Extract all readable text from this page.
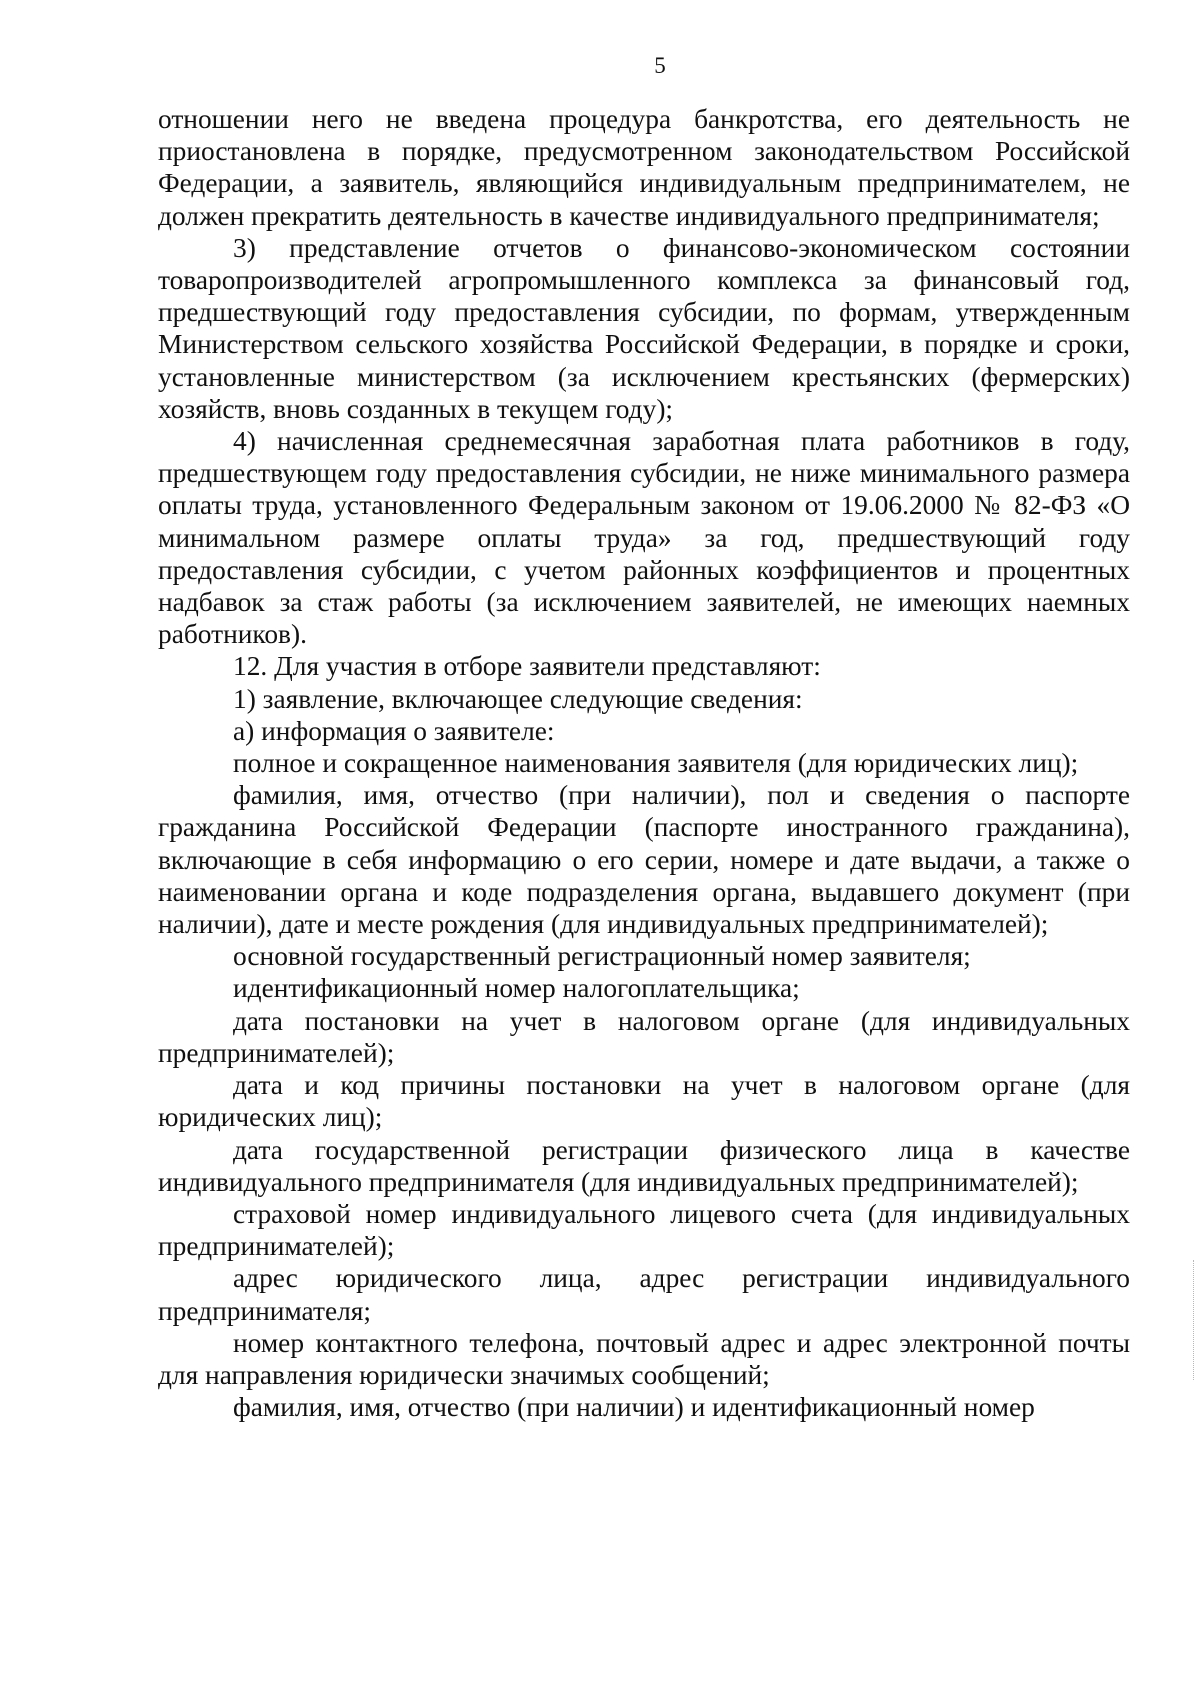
5

отношении него не введена процедура банкротства, его деятельность не приостановлена в порядке, предусмотренном законодательством Российской Федерации, а заявитель, являющийся индивидуальным предпринимателем, не должен прекратить деятельность в качестве индивидуального предпринимателя;

3) представление отчетов о финансово-экономическом состоянии товаропроизводителей агропромышленного комплекса за финансовый год, предшествующий году предоставления субсидии, по формам, утвержденным Министерством сельского хозяйства Российской Федерации, в порядке и сроки, установленные министерством (за исключением крестьянских (фермерских) хозяйств, вновь созданных в текущем году);

4) начисленная среднемесячная заработная плата работников в году, предшествующем году предоставления субсидии, не ниже минимального размера оплаты труда, установленного Федеральным законом от 19.06.2000 № 82-ФЗ «О минимальном размере оплаты труда» за год, предшествующий году предоставления субсидии, с учетом районных коэффициентов и процентных надбавок за стаж работы (за исключением заявителей, не имеющих наемных работников).

12. Для участия в отборе заявители представляют:

1) заявление, включающее следующие сведения:

а) информация о заявителе:

полное и сокращенное наименования заявителя (для юридических лиц);

фамилия, имя, отчество (при наличии), пол и сведения о паспорте гражданина Российской Федерации (паспорте иностранного гражданина), включающие в себя информацию о его серии, номере и дате выдачи, а также о наименовании органа и коде подразделения органа, выдавшего документ (при наличии), дате и месте рождения (для индивидуальных предпринимателей);

основной государственный регистрационный номер заявителя;

идентификационный номер налогоплательщика;

дата постановки на учет в налоговом органе (для индивидуальных предпринимателей);

дата и код причины постановки на учет в налоговом органе (для юридических лиц);

дата государственной регистрации физического лица в качестве индивидуального предпринимателя (для индивидуальных предпринимателей);

страховой номер индивидуального лицевого счета (для индивидуальных предпринимателей);

адрес юридического лица, адрес регистрации индивидуального предпринимателя;

номер контактного телефона, почтовый адрес и адрес электронной почты для направления юридически значимых сообщений;

фамилия, имя, отчество (при наличии) и идентификационный номер
